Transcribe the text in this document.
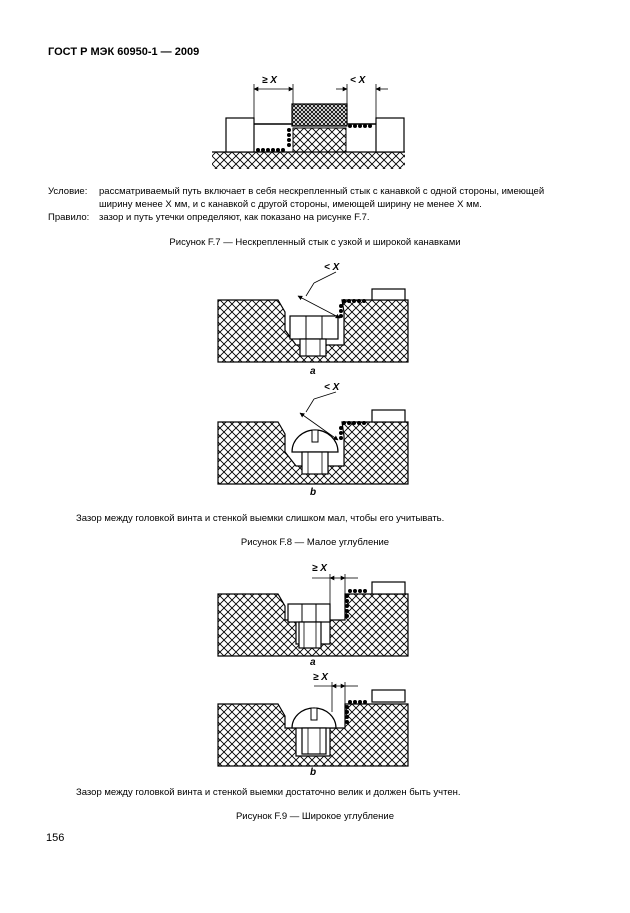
ГОСТ Р МЭК 60950-1 — 2009
≥ X	< X
Условие:	рассматриваемый путь включает в себя нескрепленный стык с канавкой с одной стороны, имеющей
ширину менее X мм, и с канавкой с другой стороны, имеющей ширину не менее X мм.
Правило:	зазор и путь утечки определяют, как показано на рисунке F.7.
Рисунок F.7 — Нескрепленный стык с узкой и широкой канавками
< X
a
< X
b
Зазор между головкой винта и стенкой выемки слишком мал, чтобы его учитывать.
Рисунок F.8 — Малое углубление
≥ X
a
≥ X
b
Зазор между головкой винта и стенкой выемки достаточно велик и должен быть учтен.
Рисунок F.9 — Широкое углубление
156
